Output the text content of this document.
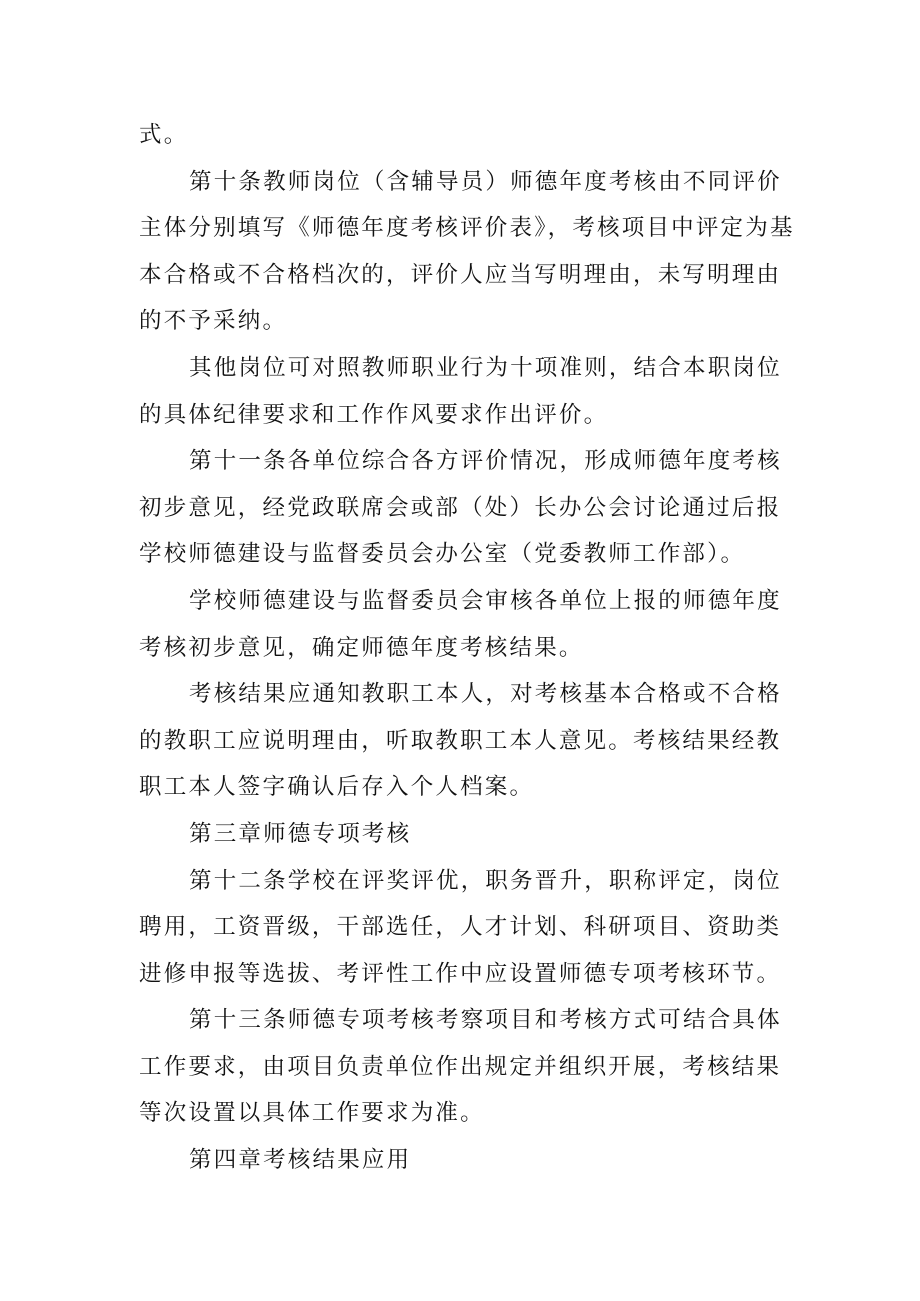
式。

第十条教师岗位（含辅导员）师德年度考核由不同评价主体分别填写《师德年度考核评价表》，考核项目中评定为基本合格或不合格档次的，评价人应当写明理由，未写明理由的不予采纳。

其他岗位可对照教师职业行为十项准则，结合本职岗位的具体纪律要求和工作作风要求作出评价。

第十一条各单位综合各方评价情况，形成师德年度考核初步意见，经党政联席会或部（处）长办公会讨论通过后报学校师德建设与监督委员会办公室（党委教师工作部）。

学校师德建设与监督委员会审核各单位上报的师德年度考核初步意见，确定师德年度考核结果。

考核结果应通知教职工本人，对考核基本合格或不合格的教职工应说明理由，听取教职工本人意见。考核结果经教职工本人签字确认后存入个人档案。

第三章师德专项考核

第十二条学校在评奖评优，职务晋升，职称评定，岗位聘用，工资晋级，干部选任，人才计划、科研项目、资助类进修申报等选拔、考评性工作中应设置师德专项考核环节。

第十三条师德专项考核考察项目和考核方式可结合具体工作要求，由项目负责单位作出规定并组织开展，考核结果等次设置以具体工作要求为准。

第四章考核结果应用
